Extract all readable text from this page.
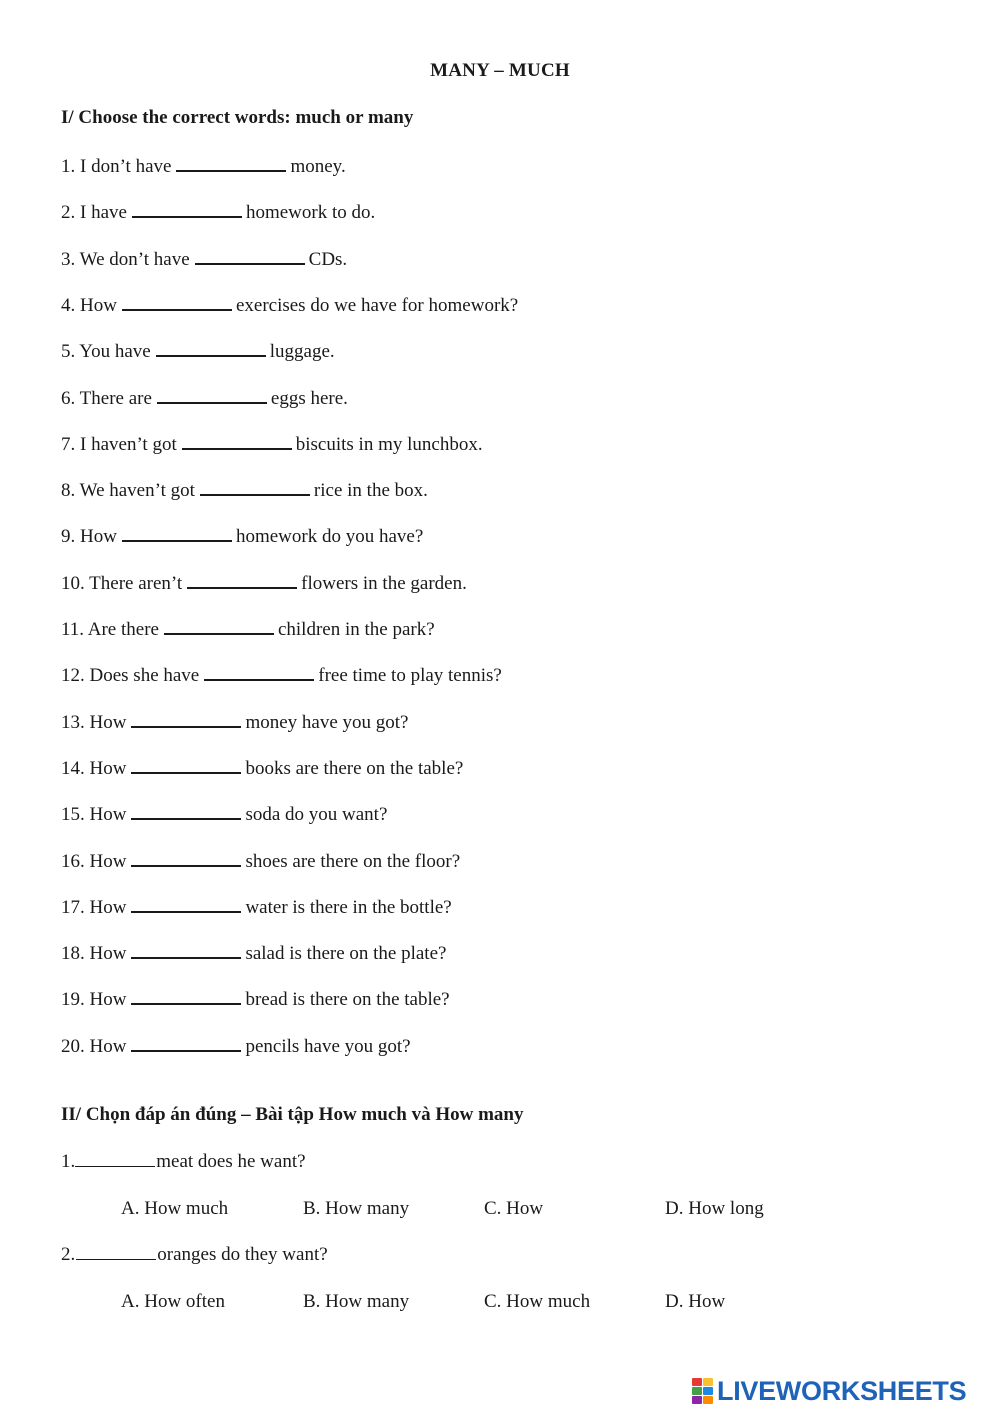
MANY – MUCH
I/ Choose the correct words: much or many
1. I don’t have	money.
2. I have	homework to do.
3. We don’t have	CDs.
4. How	exercises do we have for homework?
5. You have	luggage.
6. There are	eggs here.
7. I haven’t got	biscuits in my lunchbox.
8. We haven’t got	rice in the box.
9. How	homework do you have?
10. There aren’t	flowers in the garden.
11. Are there	children in the park?
12. Does she have	free time to play tennis?
13. How	money have you got?
14. How	books are there on the table?
15. How	soda do you want?
16. How	shoes are there on the floor?
17. How	water is there in the bottle?
18. How	salad is there on the plate?
19. How	bread is there on the table?
20. How	pencils have you got?
II/ Chọn đáp án đúng – Bài tập How much và How many
1.	meat does he want?
A. How much	B. How many	C. How	D. How long
2.	oranges do they want?
A. How often	B. How many	C. How much	D. How
LIVEWORKSHEETS
